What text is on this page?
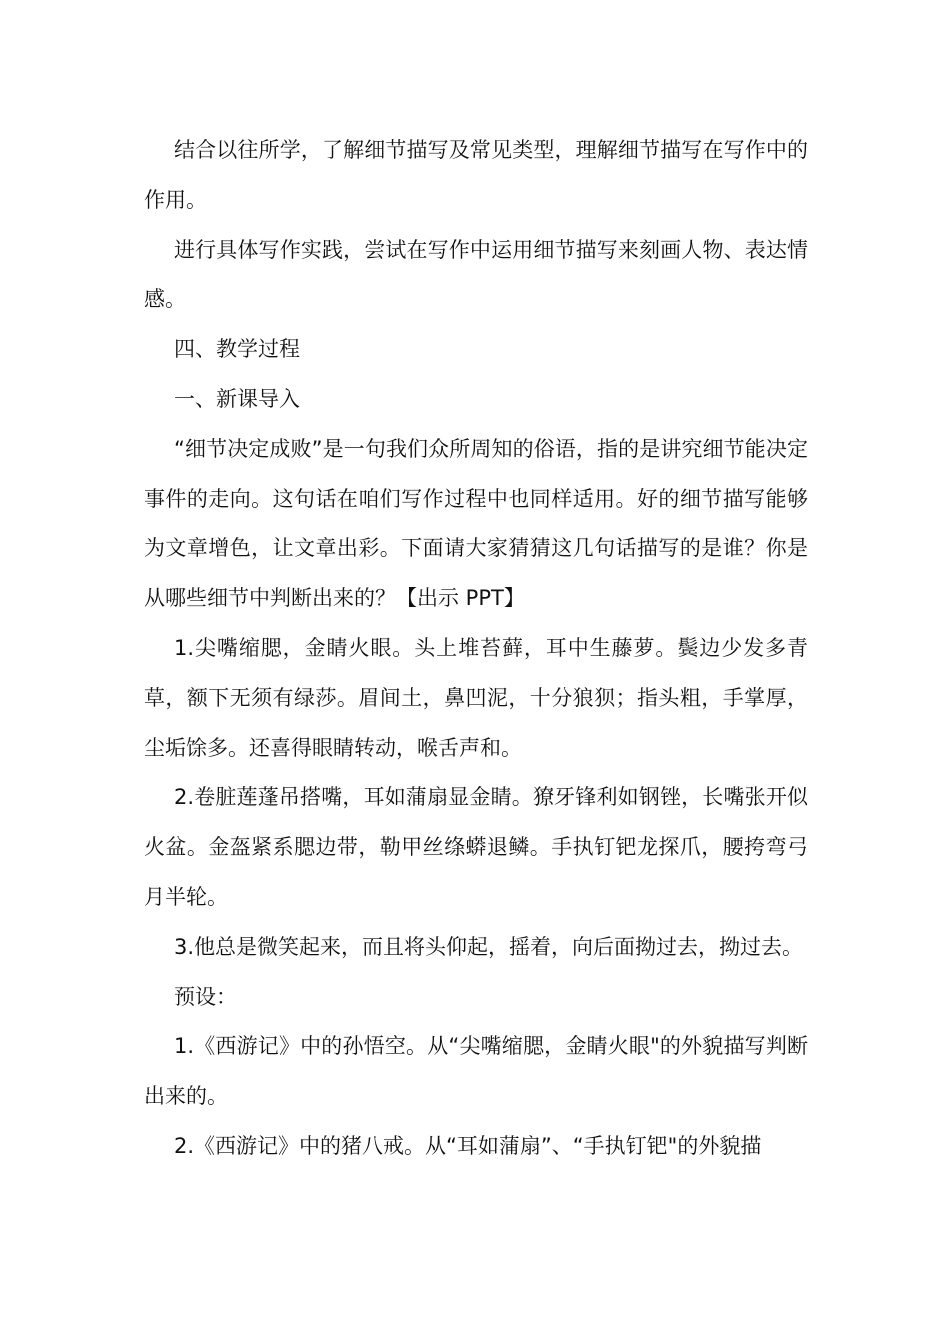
结合以往所学，了解细节描写及常见类型，理解细节描写在写作中的作用。

进行具体写作实践，尝试在写作中运用细节描写来刻画人物、表达情感。

四、教学过程

一、新课导入

“细节决定成败”是一句我们众所周知的俗语，指的是讲究细节能决定事件的走向。这句话在咱们写作过程中也同样适用。好的细节描写能够为文章增色，让文章出彩。下面请大家猜猜这几句话描写的是谁？你是从哪些细节中判断出来的？【出示 PPT】

1.尖嘴缩腮，金睛火眼。头上堆苔藓，耳中生藤萝。鬓边少发多青草，额下无须有绿莎。眉间土，鼻凹泥，十分狼狈；指头粗，手掌厚，尘垢馀多。还喜得眼睛转动，喉舌声和。

2.卷脏莲蓬吊搭嘴，耳如蒲扇显金睛。獠牙锋利如钢锉，长嘴张开似火盆。金盔紧系腮边带，勒甲丝绦蟒退鳞。手执钉钯龙探爪，腰挎弯弓月半轮。

3.他总是微笑起来，而且将头仰起，摇着，向后面拗过去，拗过去。

预设：

1.《西游记》中的孙悟空。从“尖嘴缩腮，金睛火眼"的外貌描写判断出来的。

2.《西游记》中的猪八戒。从“耳如蒲扇”、“手执钉钯"的外貌描
